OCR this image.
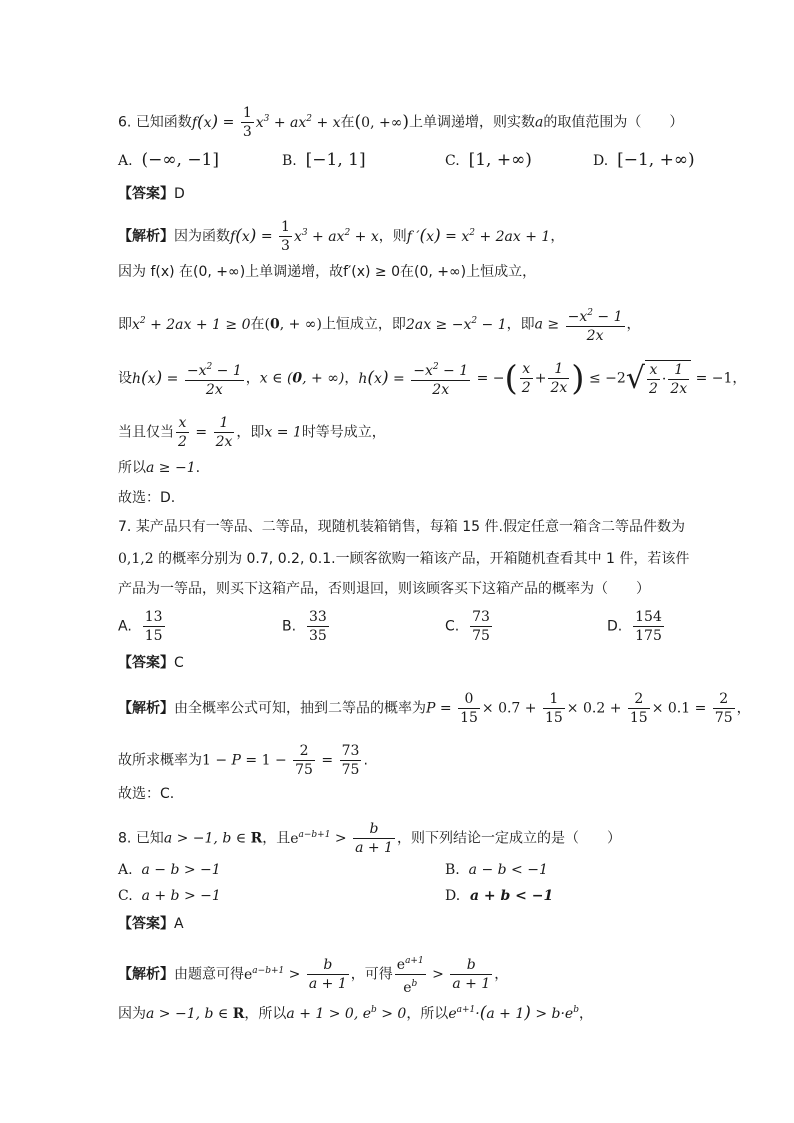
6. 已知函数$f(x) = \frac{1}{3} x^3 + ax^2 + x$在(0, +∞)上单调递增，则实数a的取值范围为（　　）
A. (−∞, −1]	B. [−1, 1]	C. [1, +∞)	D. [−1, +∞)
【答案】D
【解析】因为函数$f(x) = \frac{1}{3} x^3 + ax^2 + x$，则f $'(x) = x^2 + 2ax + 1$，
因为 f(x) 在(0, +∞)上单调递增，故f′(x) ≥ 0在(0, +∞)上恒成立，
即$x^2 + 2ax + 1 \ge 0$在(0, + ∞)上恒成立，即$2ax \ge -x^2 - 1$，即$a \ge \frac{-x^2 - 1}{2x}$ ，
设$h(x) = \frac{-x^2 - 1}{2x}$ ，x ∈ (0, + ∞)，$h(x) = \frac{-x^2 - 1}{2x}$ = −( $\frac{x}{2} + \frac{1}{2x}$ ) ≤ $-2√ \frac{x}{2} \cdot \frac{1}{2x} = -1$，
当且仅当 $\frac{x}{2} = \frac{1}{2x}$ ，即x = 1时等号成立，
所以a ≥ −1.
故选：D.
7. 某产品只有一等品、二等品，现随机装箱销售，每箱 15 件.假定任意一箱含二等品件数为
0,1,2 的概率分别为 0.7, 0.2, 0.1.一顾客欲购一箱该产品，开箱随机查看其中 1 件，若该件
产品为一等品，则买下这箱产品，否则退回，则该顾客买下这箱产品的概率为（　　）
A. $\frac{13}{15}$	B. $\frac{33}{35}$	C. $\frac{73}{75}$	D. $\frac{154}{175}$
【答案】C
【解析】由全概率公式可知，抽到二等品的概率为$P = \frac{0}{15} \times 0.7 + \frac{1}{15} \times 0.2 + \frac{2}{15} \times 0.1 = \frac{2}{75}$ ，
故所求概率为$1 - P = 1 - \frac{2}{75} = \frac{73}{75}$ .
故选：C.
8. 已知a > −1, b ∈ R，且$e^{a-b+1} > \frac{b}{a + 1}$ ，则下列结论一定成立的是（　　）
A. a − b > −1	B. a − b < −1
C. a + b > −1	D. a + b < −1
【答案】A
【解析】由题意可得$e^{a-b+1} > \frac{b}{a + 1}$ ，可得 $\frac{e^{a+1}}{e^b} > \frac{b}{a + 1}$ ，
因为a > −1, b ∈ R，所以a + 1 > 0, $e^b > 0$，所以$e^{a+1}\cdot(a + 1) > b\cdot e^b$，
